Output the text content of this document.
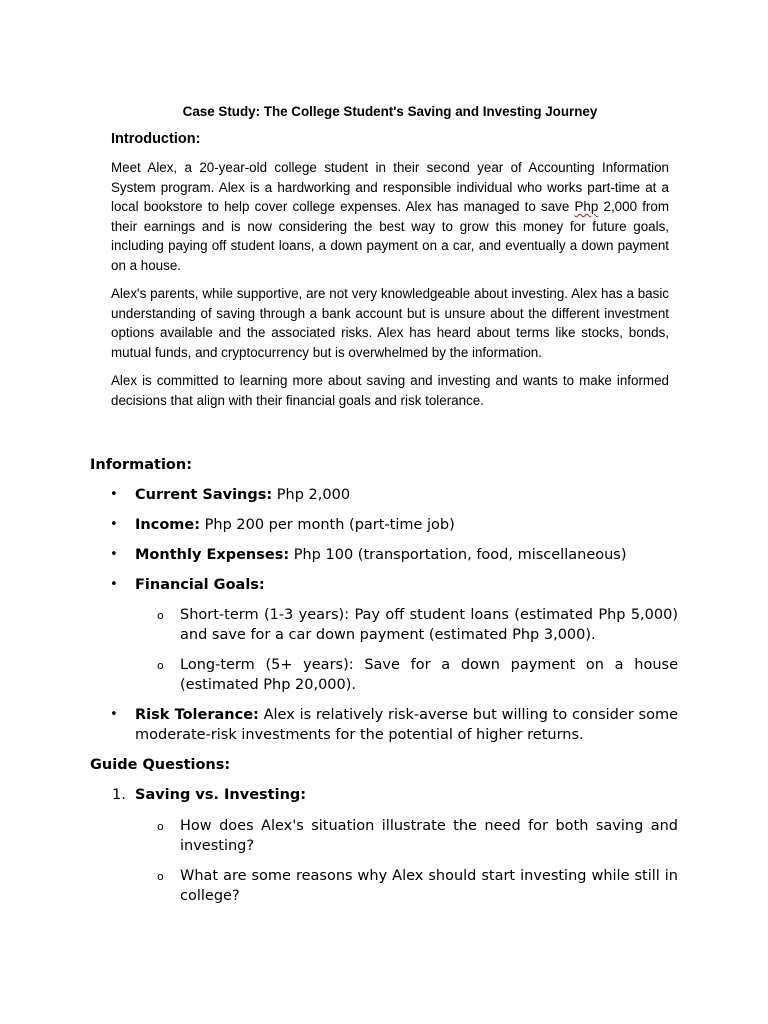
Case Study: The College Student's Saving and Investing Journey
Introduction:

Meet Alex, a 20-year-old college student in their second year of Accounting Information System program. Alex is a hardworking and responsible individual who works part-time at a local bookstore to help cover college expenses. Alex has managed to save Php 2,000 from their earnings and is now considering the best way to grow this money for future goals, including paying off student loans, a down payment on a car, and eventually a down payment on a house.

Alex's parents, while supportive, are not very knowledgeable about investing. Alex has a basic understanding of saving through a bank account but is unsure about the different investment options available and the associated risks. Alex has heard about terms like stocks, bonds, mutual funds, and cryptocurrency but is overwhelmed by the information.

Alex is committed to learning more about saving and investing and wants to make informed decisions that align with their financial goals and risk tolerance.

Information:
• Current Savings: Php 2,000
• Income: Php 200 per month (part-time job)
• Monthly Expenses: Php 100 (transportation, food, miscellaneous)
• Financial Goals:
o Short-term (1-3 years): Pay off student loans (estimated Php 5,000) and save for a car down payment (estimated Php 3,000).
o Long-term (5+ years): Save for a down payment on a house (estimated Php 20,000).
• Risk Tolerance: Alex is relatively risk-averse but willing to consider some moderate-risk investments for the potential of higher returns.
Guide Questions:
1. Saving vs. Investing:
o How does Alex's situation illustrate the need for both saving and investing?
o What are some reasons why Alex should start investing while still in college?
